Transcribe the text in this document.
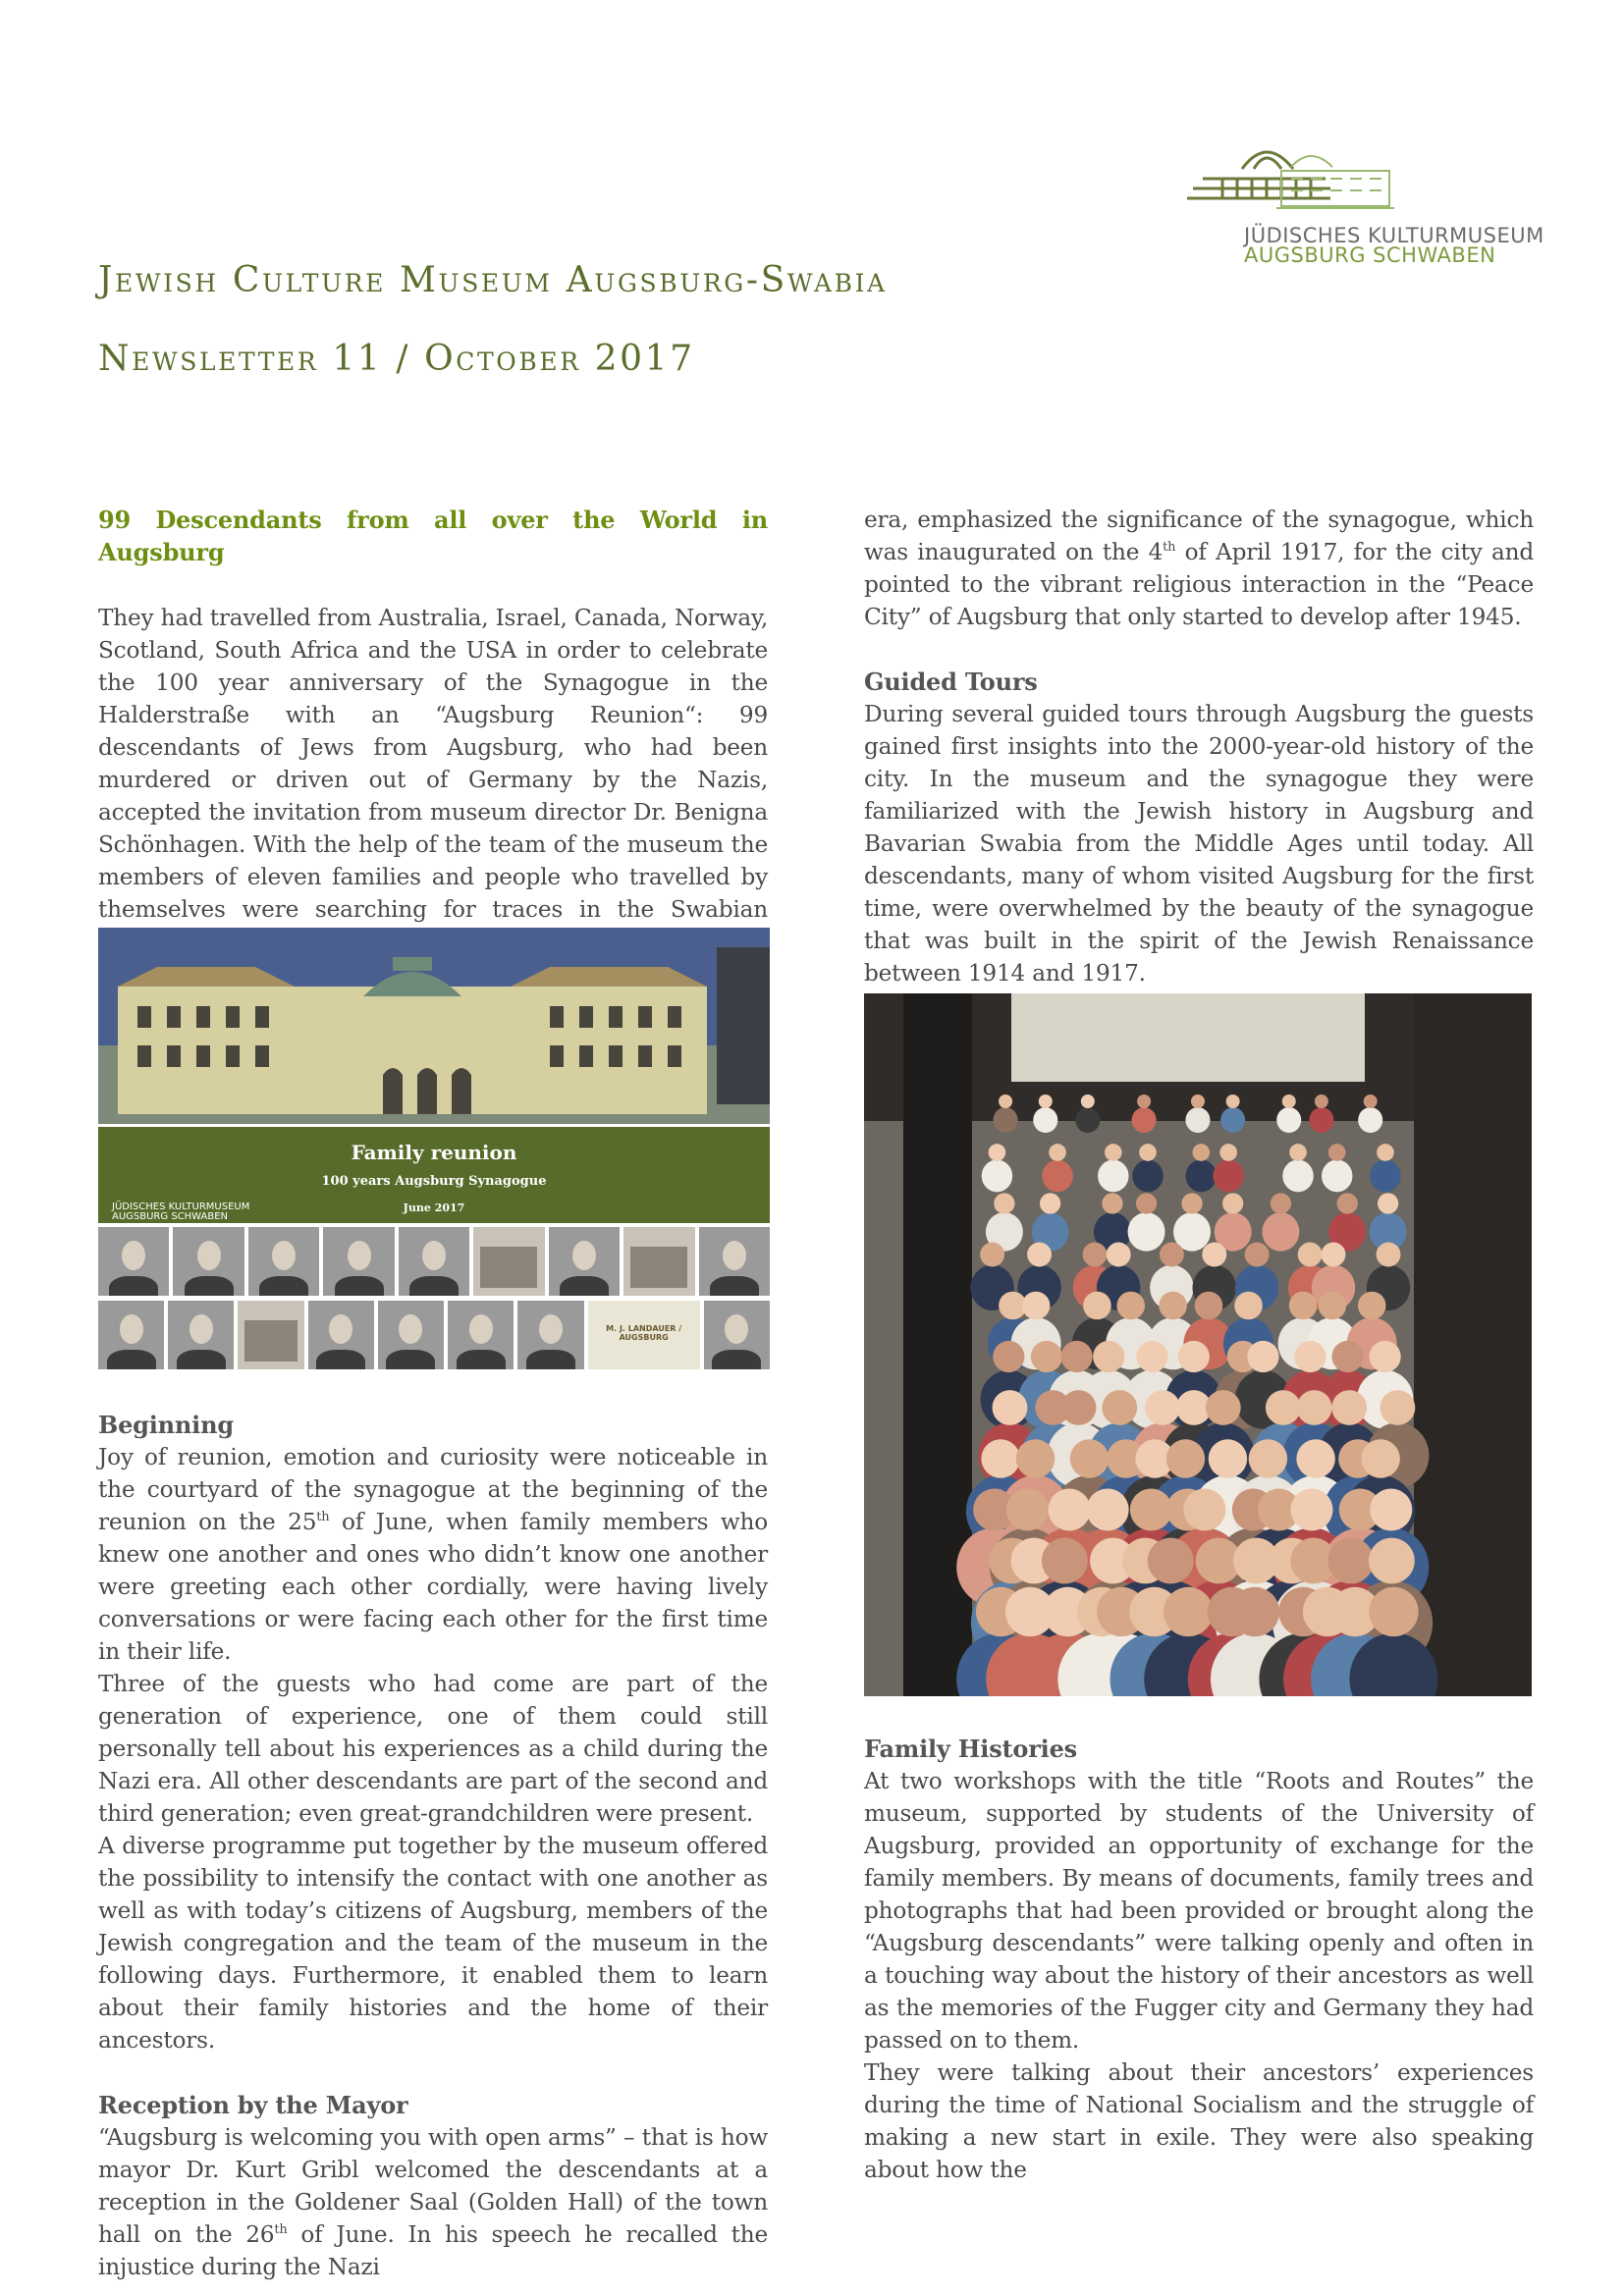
JÜDISCHES KULTURMUSEUM
AUGSBURG SCHWABEN
Jewish Culture Museum Augsburg-Swabia
Newsletter 11 / October 2017

99 Descendants from all over the World in Augsburg

They had travelled from Australia, Israel, Canada, Norway, Scotland, South Africa and the USA in order to celebrate the 100 year anniversary of the Synagogue in the Halderstraße with an “Augsburg Reunion“: 99 descendants of Jews from Augsburg, who had been murdered or driven out of Germany by the Nazis, accepted the invitation from museum director Dr. Benigna Schönhagen. With the help of the team of the museum the members of eleven families and people who travelled by themselves were searching for traces in the Swabian

Family reunion
100 years Augsburg Synagogue
June 2017
JÜDISCHES KULTURMUSEUM
AUGSBURG SCHWABEN
M. J. LANDAUER / AUGSBURG

Beginning

Joy of reunion, emotion and curiosity were noticeable in the courtyard of the synagogue at the beginning of the reunion on the 25th of June, when family members who knew one another and ones who didn’t know one another were greeting each other cordially, were having lively conversations or were facing each other for the first time in their life.

Three of the guests who had come are part of the generation of experience, one of them could still personally tell about his experiences as a child during the Nazi era. All other descendants are part of the second and third generation; even great-grandchildren were present.

A diverse programme put together by the museum offered the possibility to intensify the contact with one another as well as with today’s citizens of Augsburg, members of the Jewish congregation and the team of the museum in the following days. Furthermore, it enabled them to learn about their family histories and the home of their ancestors.

Reception by the Mayor

“Augsburg is welcoming you with open arms” – that is how mayor Dr. Kurt Gribl welcomed the descendants at a reception in the Goldener Saal (Golden Hall) of the town hall on the 26th of June. In his speech he recalled the injustice during the Nazi

era, emphasized the significance of the synagogue, which was inaugurated on the 4th of April 1917, for the city and pointed to the vibrant religious interaction in the “Peace City” of Augsburg that only started to develop after 1945.

Guided Tours

During several guided tours through Augsburg the guests gained first insights into the 2000-year-old history of the city. In the museum and the synagogue they were familiarized with the Jewish history in Augsburg and Bavarian Swabia from the Middle Ages until today. All descendants, many of whom visited Augsburg for the first time, were overwhelmed by the beauty of the synagogue that was built in the spirit of the Jewish Renaissance between 1914 and 1917.

Family Histories

At two workshops with the title “Roots and Routes” the museum, supported by students of the University of Augsburg, provided an opportunity of exchange for the family members. By means of documents, family trees and photographs that had been provided or brought along the “Augsburg descendants” were talking openly and often in a touching way about the history of their ancestors as well as the memories of the Fugger city and Germany they had passed on to them.

They were talking about their ancestors’ experiences during the time of National Socialism and the struggle of making a new start in exile. They were also speaking about how the
